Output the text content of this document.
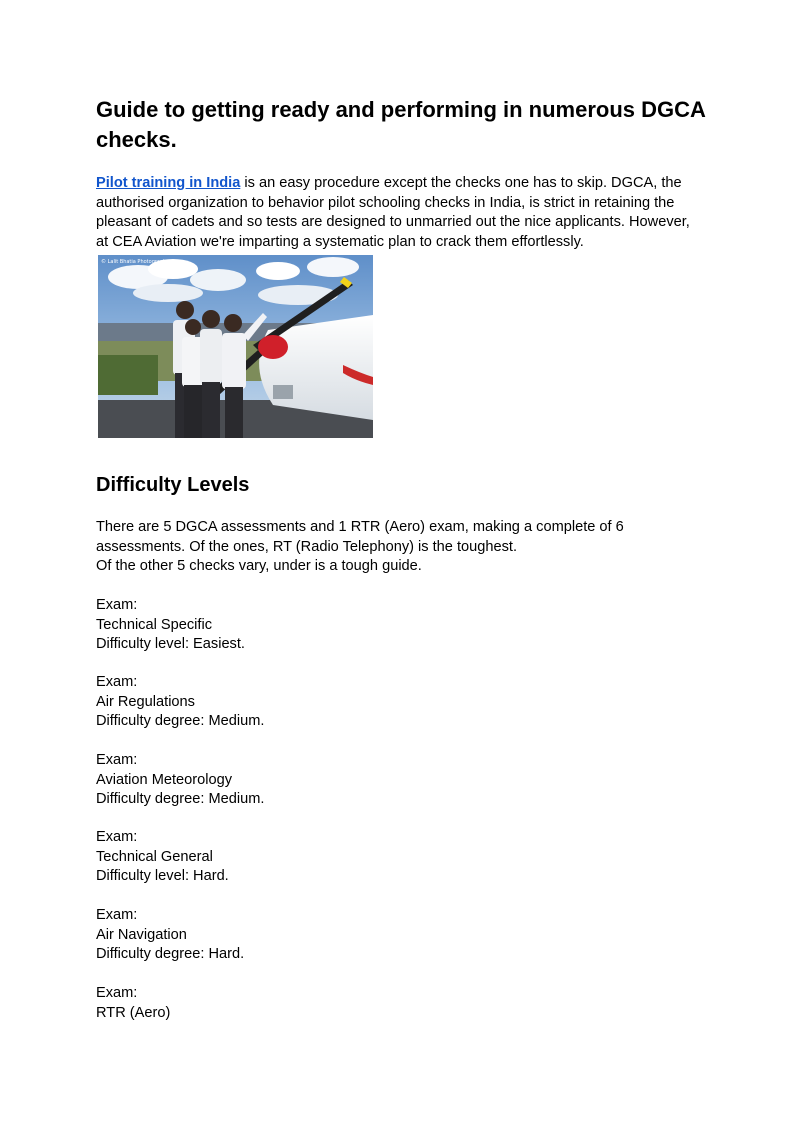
Guide to getting ready and performing in numerous DGCA checks.

Pilot training in India is an easy procedure except the checks one has to skip. DGCA, the authorised organization to behavior pilot schooling checks in India, is strict in retaining the pleasant of cadets and so tests are designed to unmarried out the nice applicants. However, at CEA Aviation we're imparting a systematic plan to crack them effortlessly.

© Lalit Bhatia Photography
Difficulty Levels

There are 5 DGCA assessments and 1 RTR (Aero) exam, making a complete of 6 assessments. Of the ones, RT (Radio Telephony) is the toughest.
Of the other 5 checks vary, under is a tough guide.

Exam:
Technical Specific
Difficulty level: Easiest.
Exam:
Air Regulations
Difficulty degree: Medium.
Exam:
Aviation Meteorology
Difficulty degree: Medium.
Exam:
Technical General
Difficulty level: Hard.
Exam:
Air Navigation
Difficulty degree: Hard.
Exam:
RTR (Aero)
